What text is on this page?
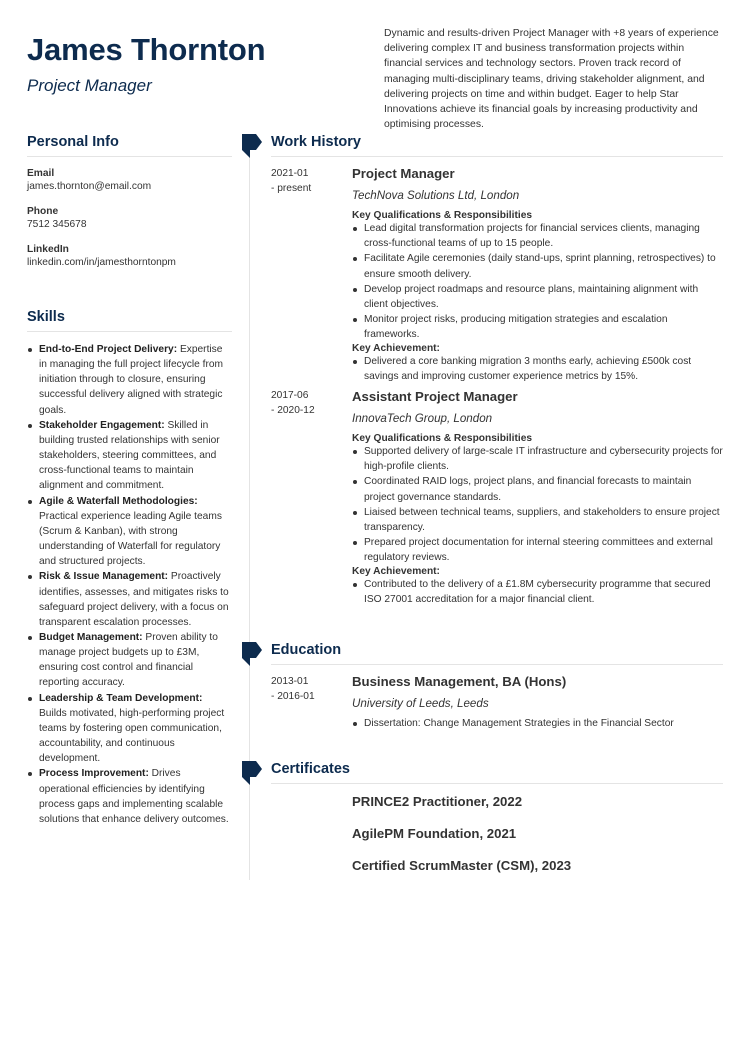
James Thornton
Project Manager
Dynamic and results-driven Project Manager with +8 years of experience delivering complex IT and business transformation projects within financial services and technology sectors. Proven track record of managing multi-disciplinary teams, driving stakeholder alignment, and delivering projects on time and within budget. Eager to help Star Innovations achieve its financial goals by increasing productivity and optimising processes.
Personal Info
Email
james.thornton@email.com
Phone
7512 345678
LinkedIn
linkedin.com/in/jamesthorntonpm
Skills
End-to-End Project Delivery: Expertise in managing the full project lifecycle from initiation through to closure, ensuring successful delivery aligned with strategic goals.
Stakeholder Engagement: Skilled in building trusted relationships with senior stakeholders, steering committees, and cross-functional teams to maintain alignment and commitment.
Agile & Waterfall Methodologies: Practical experience leading Agile teams (Scrum & Kanban), with strong understanding of Waterfall for regulatory and structured projects.
Risk & Issue Management: Proactively identifies, assesses, and mitigates risks to safeguard project delivery, with a focus on transparent escalation processes.
Budget Management: Proven ability to manage project budgets up to £3M, ensuring cost control and financial reporting accuracy.
Leadership & Team Development: Builds motivated, high-performing project teams by fostering open communication, accountability, and continuous development.
Process Improvement: Drives operational efficiencies by identifying process gaps and implementing scalable solutions that enhance delivery outcomes.
Work History
2021-01
- present
Project Manager
TechNova Solutions Ltd, London
Key Qualifications & Responsibilities
Lead digital transformation projects for financial services clients, managing cross-functional teams of up to 15 people.
Facilitate Agile ceremonies (daily stand-ups, sprint planning, retrospectives) to ensure smooth delivery.
Develop project roadmaps and resource plans, maintaining alignment with client objectives.
Monitor project risks, producing mitigation strategies and escalation frameworks.
Key Achievement:
Delivered a core banking migration 3 months early, achieving £500k cost savings and improving customer experience metrics by 15%.
2017-06
- 2020-12
Assistant Project Manager
InnovaTech Group, London
Key Qualifications & Responsibilities
Supported delivery of large-scale IT infrastructure and cybersecurity projects for high-profile clients.
Coordinated RAID logs, project plans, and financial forecasts to maintain project governance standards.
Liaised between technical teams, suppliers, and stakeholders to ensure project transparency.
Prepared project documentation for internal steering committees and external regulatory reviews.
Key Achievement:
Contributed to the delivery of a £1.8M cybersecurity programme that secured ISO 27001 accreditation for a major financial client.
Education
2013-01
- 2016-01
Business Management, BA (Hons)
University of Leeds, Leeds
Dissertation: Change Management Strategies in the Financial Sector
Certificates
PRINCE2 Practitioner, 2022
AgilePM Foundation, 2021
Certified ScrumMaster (CSM), 2023
